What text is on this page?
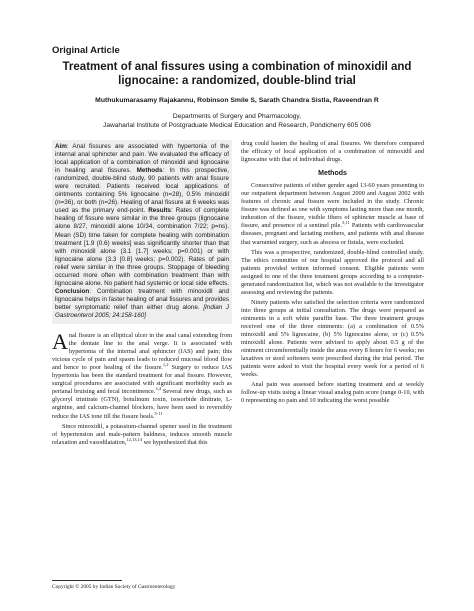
Original Article
Treatment of anal fissures using a combination of minoxidil and lignocaine: a randomized, double-blind trial
Muthukumarasamy Rajakannu, Robinson Smile S, Sarath Chandra Sistla, Raveendran R
Departments of Surgery and Pharmacology,
Jawaharlal Institute of Postgraduate Medical Education and Research, Pondicherry 605 006
Aim: Anal fissures are associated with hypertonia of the internal anal sphincter and pain. We evaluated the efficacy of local application of a combination of minoxidil and lignocaine in healing anal fissures. Methods: In this prospective, randomized, double-blind study, 90 patients with anal fissure were recruited. Patients received local applications of ointments containing 5% lignocaine (n=28), 0.5% minoxidil (n=36), or both (n=26). Healing of anal fissure at 6 weeks was used as the primary end-point. Results: Rates of complete healing of fissure were similar in the three groups (lignocaine alone 8/27, minoxidil alone 10/34, combination 7/22; p=ns). Mean (SD) time taken for complete healing with combination treatment [1.9 (0.6) weeks] was significantly shorter than that with minoxidil alone (3.1 [1.7] weeks; p=0.001) or with lignocaine alone (3.3 [0.8] weeks; p=0.002). Rates of pain relief were similar in the three groups. Stoppage of bleeding occurred more often with combination treatment than with lignocaine alone. No patient had systemic or local side effects. Conclusion: Combination treatment with minoxidil and lignocaine helps in faster healing of anal fissures and provides better symptomatic relief than either drug alone. [Indian J Gastroenterol 2005; 24:158-160]

Anal fissure is an elliptical ulcer in the anal canal extending from the dentate line to the anal verge. It is associated with hypertonia of the internal anal sphincter (IAS) and pain; this vicious cycle of pain and spasm leads to reduced mucosal blood flow and hence to poor healing of the fissure.$^{1,2}$ Surgery to reduce IAS hypertonia has been the standard treatment for anal fissure. However, surgical procedures are associated with significant morbidity such as perianal bruising and fecal incontinence.$^{3,4}$ Several new drugs, such as glyceryl trinitrate (GTN), botulinum toxin, isosorbide dinitrate, L-arginine, and calcium-channel blockers, have been used to reversibly reduce the IAS tone till the fissure heals.$^{5-11}$

Since minoxidil, a potassium-channel opener used in the treatment of hypertension and male-pattern baldness, induces smooth muscle relaxation and vasodilatation,$^{12,13,14}$ we hypothesized that this

drug could hasten the healing of anal fissures. We therefore compared the efficacy of local application of a combination of minoxidil and lignocaine with that of individual drugs.

Methods

Consecutive patients of either gender aged 13-60 years presenting to our outpatient department between August 2000 and August 2002 with features of chronic anal fissure were included in the study. Chronic fissure was defined as one with symptoms lasting more than one month, induration of the fissure, visible fibers of sphincter muscle at base of fissure, and presence of a sentinel pile.$^{5,11}$ Patients with cardiovascular diseases, pregnant and lactating mothers, and patients with anal disease that warranted surgery, such as abscess or fistula, were excluded.

This was a prospective, randomized, double-blind controlled study. The ethics committee of our hospital approved the protocol and all patients provided written informed consent. Eligible patients were assigned to one of the three treatment groups according to a computer-generated randomization list, which was not available to the investigator assessing and reviewing the patients.

Ninety patients who satisfied the selection criteria were randomized into three groups at initial consultation. The drugs were prepared as ointments in a soft white paraffin base. The three treatment groups received one of the three ointments: (a) a combination of 0.5% minoxidil and 5% lignocaine, (b) 5% lignocaine alone, or (c) 0.5% minoxidil alone. Patients were advised to apply about 0.5 g of the ointment circumferentially inside the anus every 8 hours for 6 weeks; no laxatives or stool softeners were prescribed during the trial period. The patients were asked to visit the hospital every week for a period of 6 weeks.

Anal pain was assessed before starting treatment and at weekly follow-up visits using a linear visual analog pain score (range 0-10, with 0 representing no pain and 10 indicating the worst possible

Copyright © 2005 by Indian Society of Gastroenterology
